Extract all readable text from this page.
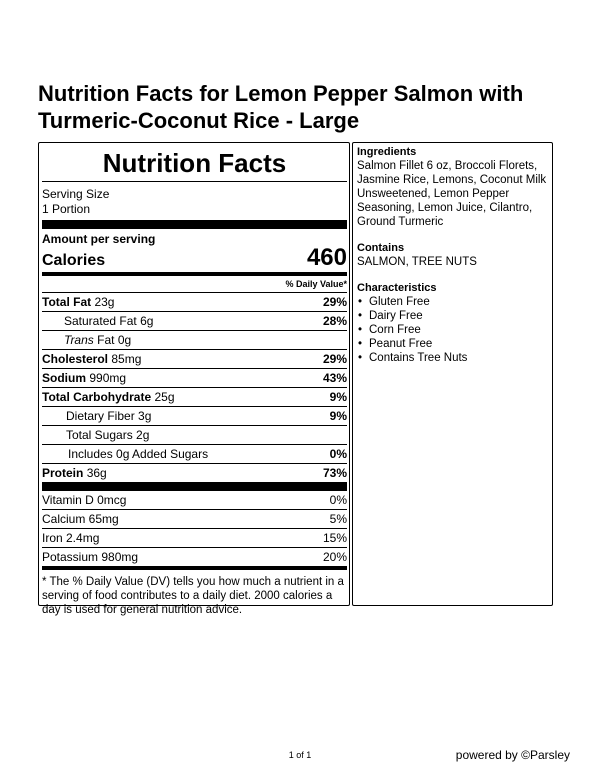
Nutrition Facts for Lemon Pepper Salmon with
Turmeric-Coconut Rice - Large
Nutrition Facts
Serving Size
1 Portion
Amount per serving
Calories	460
% Daily Value*
Total Fat 23g	29%
Saturated Fat 6g	28%
Trans Fat 0g
Cholesterol 85mg	29%
Sodium 990mg	43%
Total Carbohydrate 25g	9%
Dietary Fiber 3g	9%
Total Sugars 2g
Includes 0g Added Sugars	0%
Protein 36g	73%
Vitamin D 0mcg	0%
Calcium 65mg	5%
Iron 2.4mg	15%
Potassium 980mg	20%
* The % Daily Value (DV) tells you how much a nutrient in a serving of food contributes to a daily diet. 2000 calories a day is used for general nutrition advice.
Ingredients
Salmon Fillet 6 oz, Broccoli Florets, Jasmine Rice, Lemons, Coconut Milk Unsweetened, Lemon Pepper Seasoning, Lemon Juice, Cilantro, Ground Turmeric
Contains
SALMON, TREE NUTS
Characteristics
• Gluten Free
• Dairy Free
• Corn Free
• Peanut Free
• Contains Tree Nuts
1 of 1	powered by ©Parsley
